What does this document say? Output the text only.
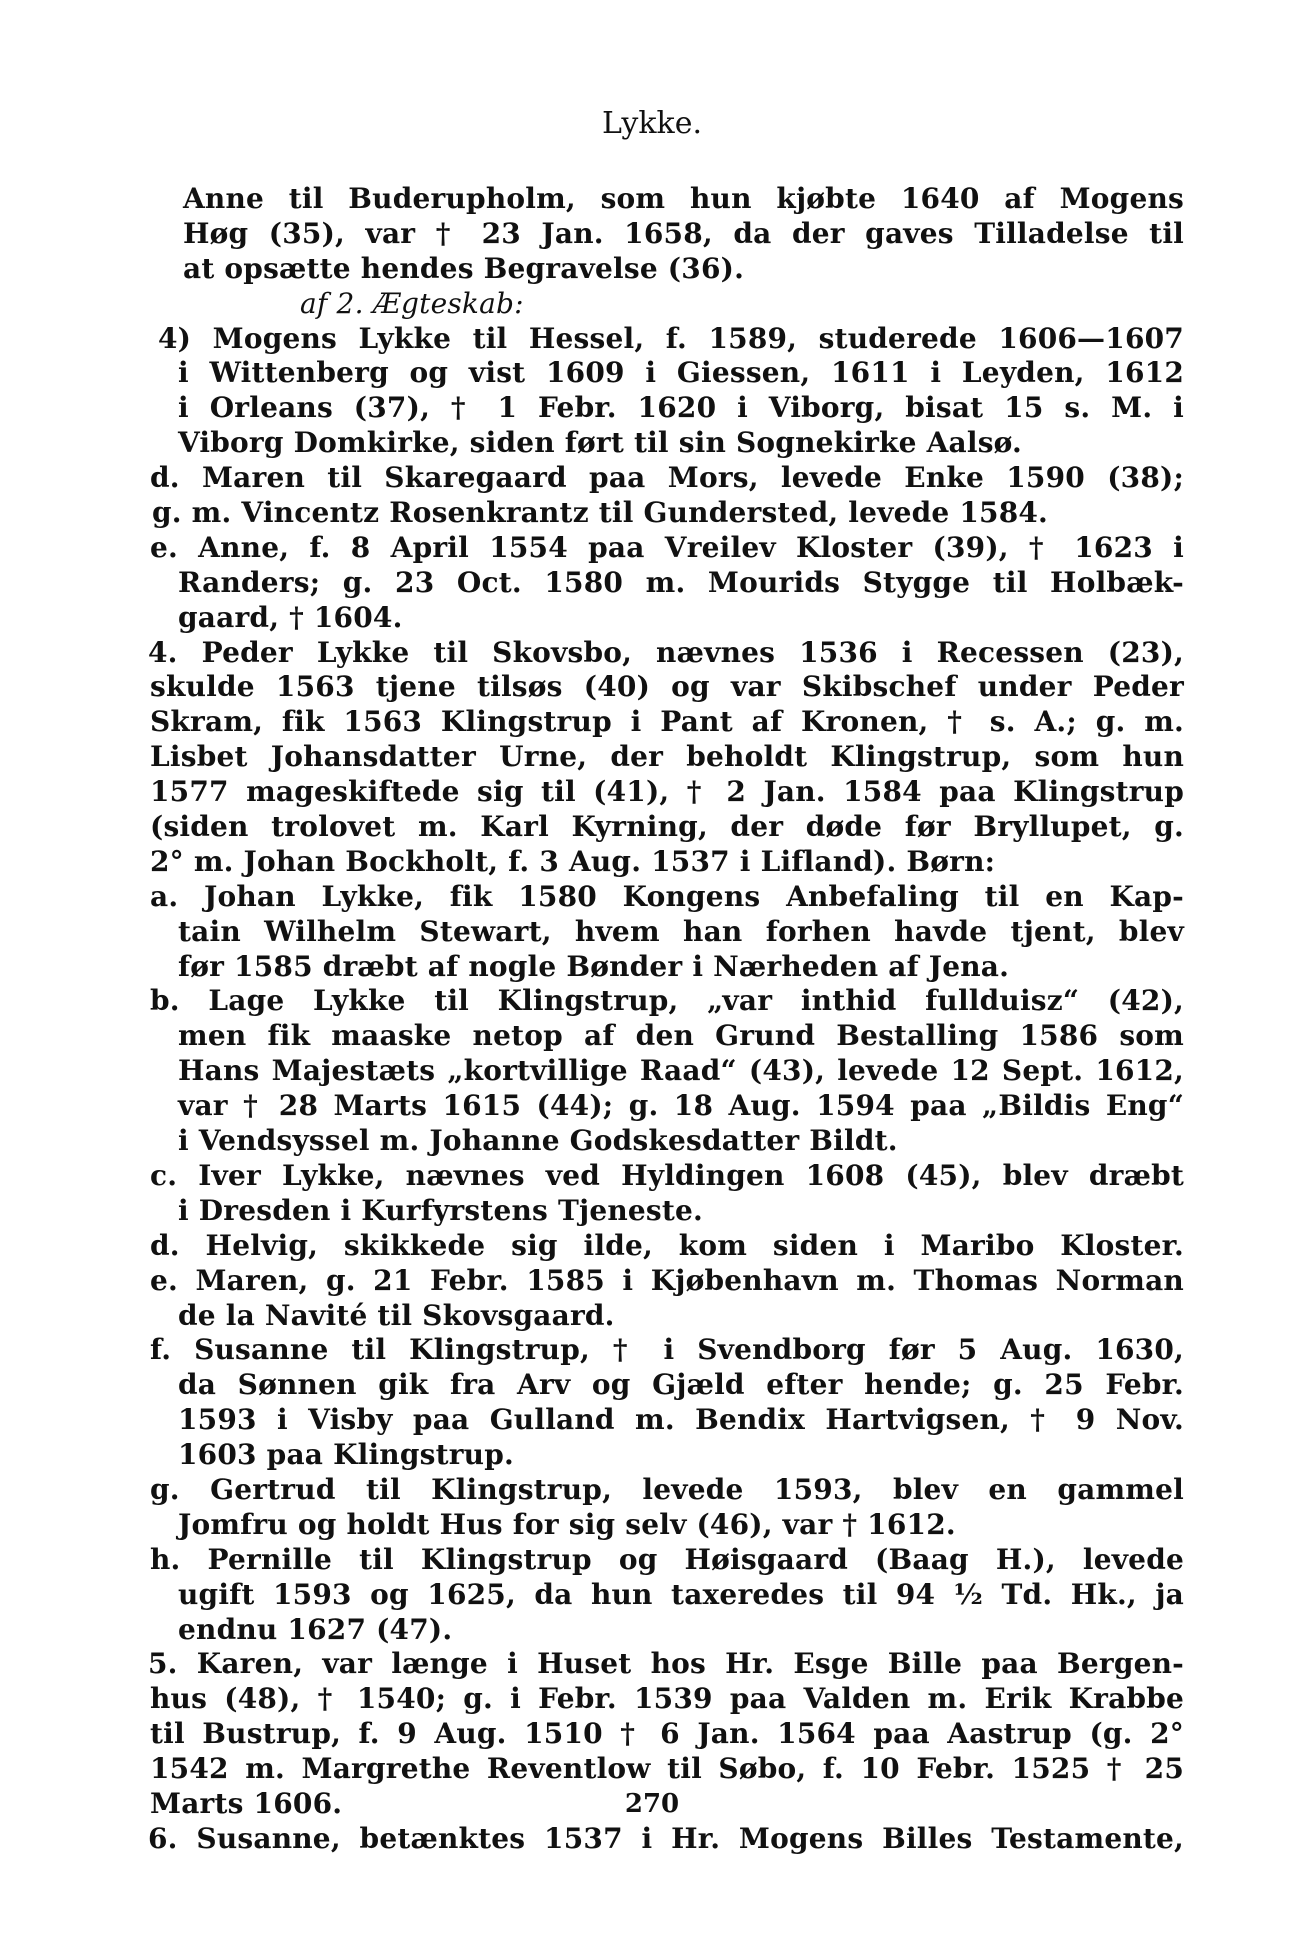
Lykke.
Anne til Buderupholm, som hun kjøbte 1640 af Mogens
Høg (35), var † 23 Jan. 1658, da der gaves Tilladelse til
at opsætte hendes Begravelse (36).
af 2. Ægteskab:
4) Mogens Lykke til Hessel, f. 1589, studerede 1606—1607
i Wittenberg og vist 1609 i Giessen, 1611 i Leyden, 1612
i Orleans (37), † 1 Febr. 1620 i Viborg, bisat 15 s. M. i
Viborg Domkirke, siden ført til sin Sognekirke Aalsø.
d. Maren til Skaregaard paa Mors, levede Enke 1590 (38);
g. m. Vincentz Rosenkrantz til Gundersted, levede 1584.
e. Anne, f. 8 April 1554 paa Vreilev Kloster (39), † 1623 i
Randers; g. 23 Oct. 1580 m. Mourids Stygge til Holbæk-
gaard, † 1604.
4. Peder Lykke til Skovsbo, nævnes 1536 i Recessen (23),
skulde 1563 tjene tilsøs (40) og var Skibschef under Peder
Skram, fik 1563 Klingstrup i Pant af Kronen, † s. A.; g. m.
Lisbet Johansdatter Urne, der beholdt Klingstrup, som hun
1577 mageskiftede sig til (41), † 2 Jan. 1584 paa Klingstrup
(siden trolovet m. Karl Kyrning, der døde før Bryllupet, g.
2° m. Johan Bockholt, f. 3 Aug. 1537 i Lifland). Børn:
a. Johan Lykke, fik 1580 Kongens Anbefaling til en Kap-
tain Wilhelm Stewart, hvem han forhen havde tjent, blev
før 1585 dræbt af nogle Bønder i Nærheden af Jena.
b. Lage Lykke til Klingstrup, „var inthid fullduisz“ (42),
men fik maaske netop af den Grund Bestalling 1586 som
Hans Majestæts „kortvillige Raad“ (43), levede 12 Sept. 1612,
var † 28 Marts 1615 (44); g. 18 Aug. 1594 paa „Bildis Eng“
i Vendsyssel m. Johanne Godskesdatter Bildt.
c. Iver Lykke, nævnes ved Hyldingen 1608 (45), blev dræbt
i Dresden i Kurfyrstens Tjeneste.
d. Helvig, skikkede sig ilde, kom siden i Maribo Kloster.
e. Maren, g. 21 Febr. 1585 i Kjøbenhavn m. Thomas Norman
de la Navité til Skovsgaard.
f. Susanne til Klingstrup, † i Svendborg før 5 Aug. 1630,
da Sønnen gik fra Arv og Gjæld efter hende; g. 25 Febr.
1593 i Visby paa Gulland m. Bendix Hartvigsen, † 9 Nov.
1603 paa Klingstrup.
g. Gertrud til Klingstrup, levede 1593, blev en gammel
Jomfru og holdt Hus for sig selv (46), var † 1612.
h. Pernille til Klingstrup og Høisgaard (Baag H.), levede
ugift 1593 og 1625, da hun taxeredes til 94 ½ Td. Hk., ja
endnu 1627 (47).
5. Karen, var længe i Huset hos Hr. Esge Bille paa Bergen-
hus (48), † 1540; g. i Febr. 1539 paa Valden m. Erik Krabbe
til Bustrup, f. 9 Aug. 1510 † 6 Jan. 1564 paa Aastrup (g. 2°
1542 m. Margrethe Reventlow til Søbo, f. 10 Febr. 1525 † 25
Marts 1606.
6. Susanne, betænktes 1537 i Hr. Mogens Billes Testamente,
270
